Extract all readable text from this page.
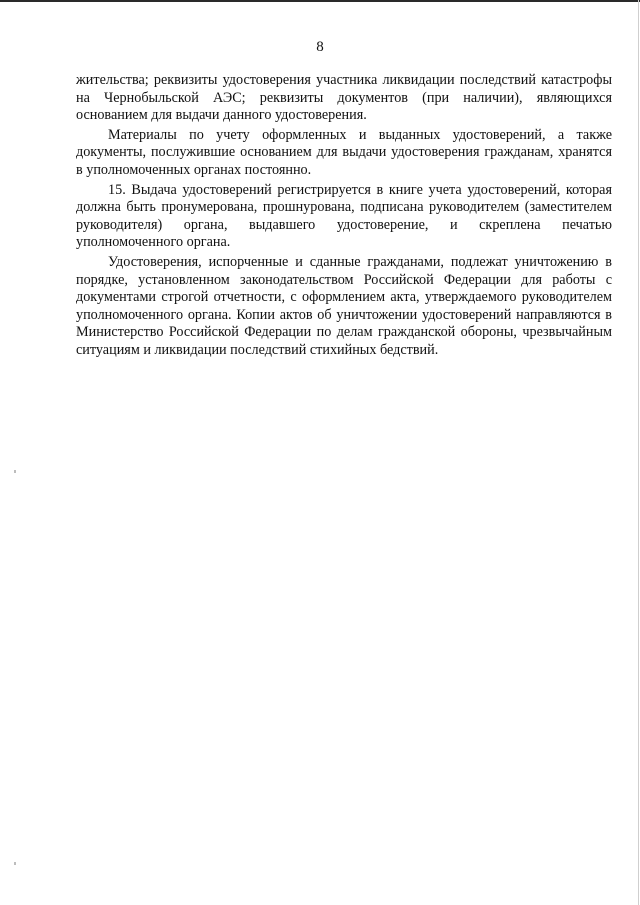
8

жительства; реквизиты удостоверения участника ликвидации последствий катастрофы на Чернобыльской АЭС; реквизиты документов (при наличии), являющихся основанием для выдачи данного удостоверения.

Материалы по учету оформленных и выданных удостоверений, а также документы, послужившие основанием для выдачи удостоверения гражданам, хранятся в уполномоченных органах постоянно.

15. Выдача удостоверений регистрируется в книге учета удостоверений, которая должна быть пронумерована, прошнурована, подписана руководителем (заместителем руководителя) органа, выдавшего удостоверение, и скреплена печатью уполномоченного органа.

Удостоверения, испорченные и сданные гражданами, подлежат уничтожению в порядке, установленном законодательством Российской Федерации для работы с документами строгой отчетности, с оформлением акта, утверждаемого руководителем уполномоченного органа. Копии актов об уничтожении удостоверений направляются в Министерство Российской Федерации по делам гражданской обороны, чрезвычайным ситуациям и ликвидации последствий стихийных бедствий.
